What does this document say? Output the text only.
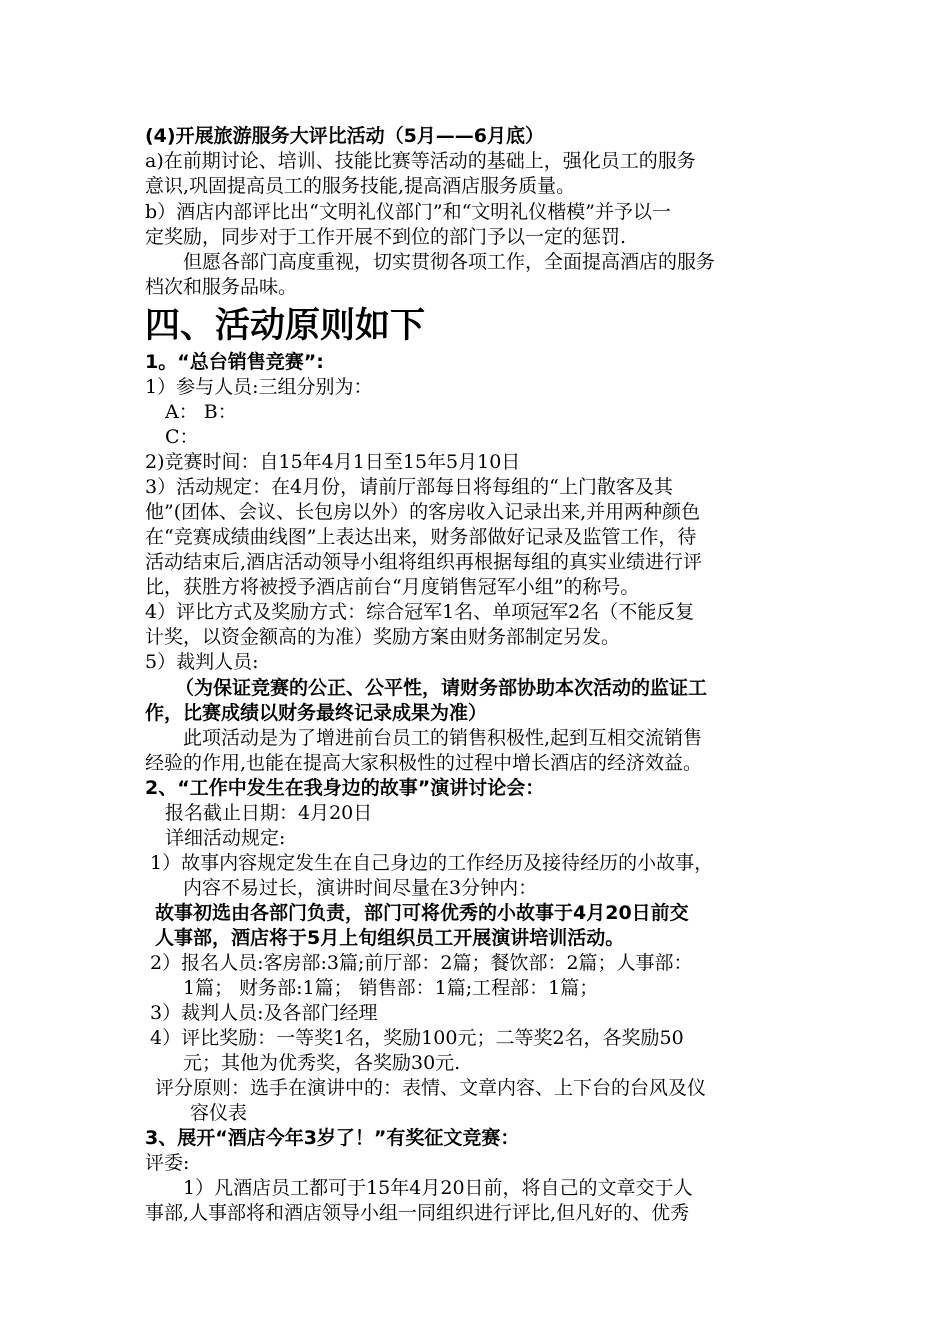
(4)开展旅游服务大评比活动（5月——6月底）
a)在前期讨论、培训、技能比赛等活动的基础上，强化员工的服务
意识,巩固提高员工的服务技能,提高酒店服务质量。
b）酒店内部评比出“文明礼仪部门”和“文明礼仪楷模”并予以一
定奖励，同步对于工作开展不到位的部门予以一定的惩罚.
但愿各部门高度重视，切实贯彻各项工作，全面提高酒店的服务
档次和服务品味。
四、活动原则如下
1。“总台销售竞赛”:
1）参与人员:三组分别为：
A： B：
C：
2)竞赛时间：自15年4月1日至15年5月10日
3）活动规定：在4月份，请前厅部每日将每组的“上门散客及其
他”(团体、会议、长包房以外）的客房收入记录出来,并用两种颜色
在“竞赛成绩曲线图”上表达出来，财务部做好记录及监管工作，待
活动结束后,酒店活动领导小组将组织再根据每组的真实业绩进行评
比，获胜方将被授予酒店前台“月度销售冠军小组”的称号。
4）评比方式及奖励方式：综合冠军1名、单项冠军2名（不能反复
计奖，以资金额高的为准）奖励方案由财务部制定另发。
5）裁判人员:
（为保证竞赛的公正、公平性，请财务部协助本次活动的监证工
作，比赛成绩以财务最终记录成果为准）
此项活动是为了增进前台员工的销售积极性,起到互相交流销售
经验的作用,也能在提高大家积极性的过程中增长酒店的经济效益。
2、“工作中发生在我身边的故事”演讲讨论会：
报名截止日期：4月20日
详细活动规定:
1）故事内容规定发生在自己身边的工作经历及接待经历的小故事，
内容不易过长，演讲时间尽量在3分钟内：
故事初选由各部门负责，部门可将优秀的小故事于4月20日前交
人事部，酒店将于5月上旬组织员工开展演讲培训活动。
2）报名人员:客房部:3篇;前厅部：2篇；餐饮部：2篇；人事部：
1篇； 财务部:1篇； 销售部：1篇;工程部：1篇；
3）裁判人员:及各部门经理
4）评比奖励：一等奖1名，奖励100元；二等奖2名，各奖励50
元；其他为优秀奖，各奖励30元.
评分原则：选手在演讲中的：表情、文章内容、上下台的台风及仪
容仪表
3、展开“酒店今年3岁了！”有奖征文竞赛：
评委:
1）凡酒店员工都可于15年4月20日前，将自己的文章交于人
事部,人事部将和酒店领导小组一同组织进行评比,但凡好的、优秀
